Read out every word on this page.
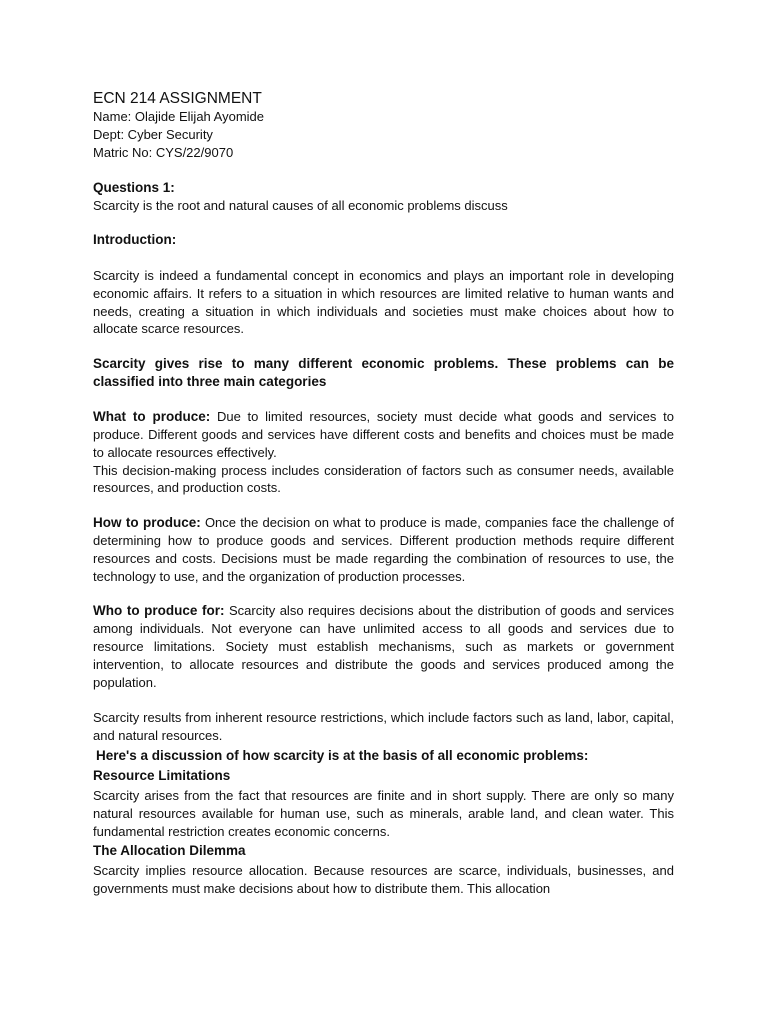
ECN 214 ASSIGNMENT
Name: Olajide Elijah Ayomide
Dept: Cyber Security
Matric No: CYS/22/9070
Questions 1:
Scarcity is the root and natural causes of all economic problems discuss
Introduction:

Scarcity is indeed a fundamental concept in economics and plays an important role in developing economic affairs. It refers to a situation in which resources are limited relative to human wants and needs, creating a situation in which individuals and societies must make choices about how to allocate scarce resources.

Scarcity gives rise to many different economic problems. These problems can be classified into three main categories

What to produce: Due to limited resources, society must decide what goods and services to produce. Different goods and services have different costs and benefits and choices must be made to allocate resources effectively.

This decision-making process includes consideration of factors such as consumer needs, available resources, and production costs.

How to produce: Once the decision on what to produce is made, companies face the challenge of determining how to produce goods and services. Different production methods require different resources and costs. Decisions must be made regarding the combination of resources to use, the technology to use, and the organization of production processes.

Who to produce for: Scarcity also requires decisions about the distribution of goods and services among individuals. Not everyone can have unlimited access to all goods and services due to resource limitations. Society must establish mechanisms, such as markets or government intervention, to allocate resources and distribute the goods and services produced among the population.

Scarcity results from inherent resource restrictions, which include factors such as land, labor, capital, and natural resources.

Here's a discussion of how scarcity is at the basis of all economic problems:
Resource Limitations

Scarcity arises from the fact that resources are finite and in short supply. There are only so many natural resources available for human use, such as minerals, arable land, and clean water. This fundamental restriction creates economic concerns.

The Allocation Dilemma

Scarcity implies resource allocation. Because resources are scarce, individuals, businesses, and governments must make decisions about how to distribute them. This allocation
